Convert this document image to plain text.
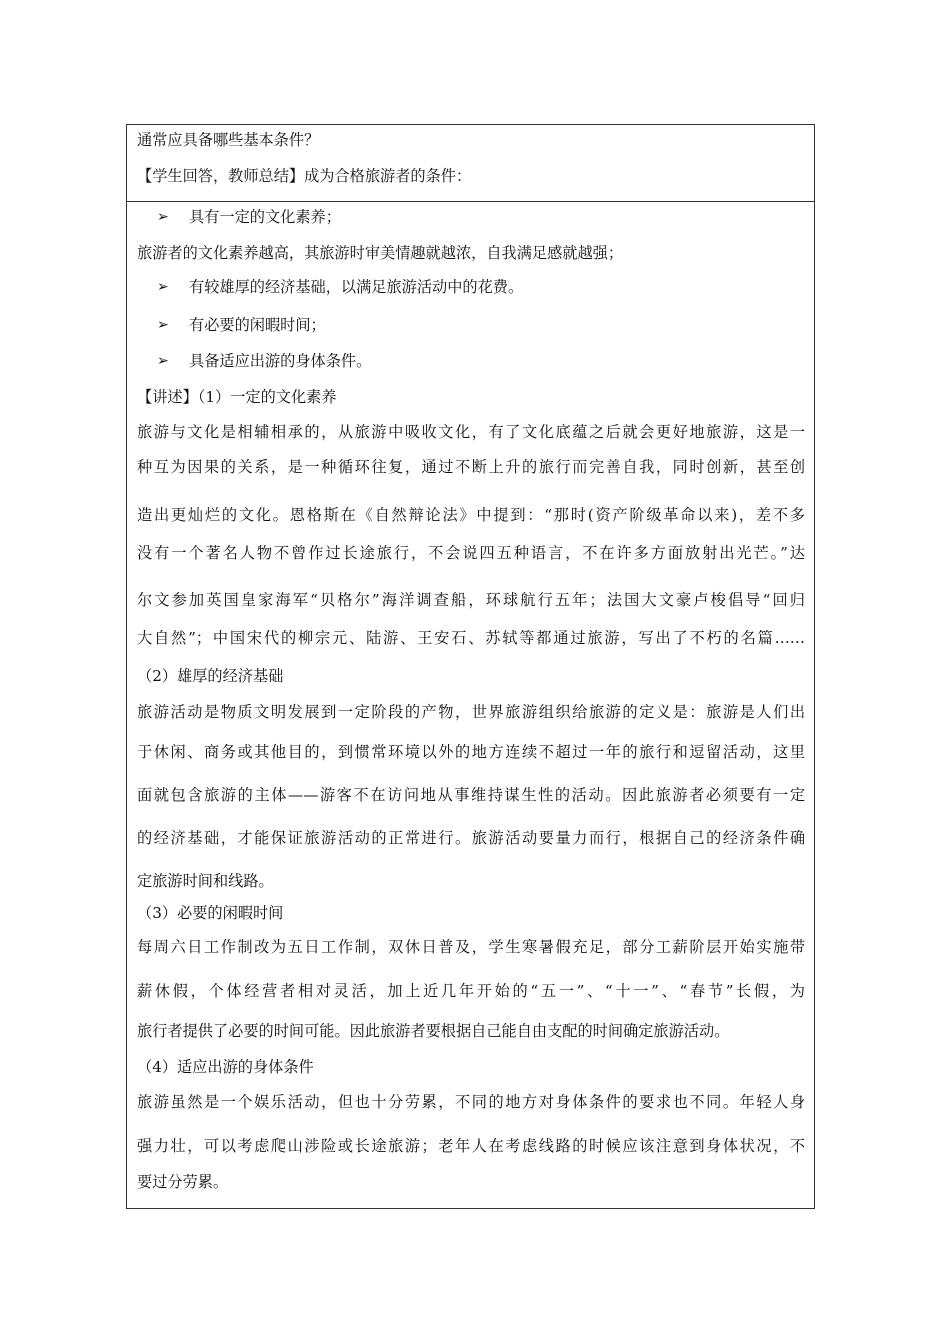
通常应具备哪些基本条件？
【学生回答，教师总结】成为合格旅游者的条件：
➢ 具有一定的文化素养；
旅游者的文化素养越高，其旅游时审美情趣就越浓，自我满足感就越强；
➢ 有较雄厚的经济基础，以满足旅游活动中的花费。
➢ 有必要的闲暇时间；
➢ 具备适应出游的身体条件。
【讲述】（1）一定的文化素养
旅游与文化是相辅相承的，从旅游中吸收文化，有了文化底蕴之后就会更好地旅游，这是一
种互为因果的关系，是一种循环往复，通过不断上升的旅行而完善自我，同时创新，甚至创
造出更灿烂的文化。恩格斯在《自然辩论法》中提到：“那时(资产阶级革命以来)，差不多
没有一个著名人物不曾作过长途旅行，不会说四五种语言，不在许多方面放射出光芒。”达
尔文参加英国皇家海军“贝格尔”海洋调查船，环球航行五年；法国大文豪卢梭倡导“回归
大自然”；中国宋代的柳宗元、陆游、王安石、苏轼等都通过旅游，写出了不朽的名篇……
（2）雄厚的经济基础
旅游活动是物质文明发展到一定阶段的产物，世界旅游组织给旅游的定义是：旅游是人们出
于休闲、商务或其他目的，到惯常环境以外的地方连续不超过一年的旅行和逗留活动，这里
面就包含旅游的主体——游客不在访问地从事维持谋生性的活动。因此旅游者必须要有一定
的经济基础，才能保证旅游活动的正常进行。旅游活动要量力而行，根据自己的经济条件确
定旅游时间和线路。
（3）必要的闲暇时间
每周六日工作制改为五日工作制，双休日普及，学生寒暑假充足，部分工薪阶层开始实施带
薪休假，个体经营者相对灵活，加上近几年开始的“五一”、“十一”、“春节”长假，为
旅行者提供了必要的时间可能。因此旅游者要根据自己能自由支配的时间确定旅游活动。
（4）适应出游的身体条件
旅游虽然是一个娱乐活动，但也十分劳累，不同的地方对身体条件的要求也不同。年轻人身
强力壮，可以考虑爬山涉险或长途旅游；老年人在考虑线路的时候应该注意到身体状况，不
要过分劳累。
